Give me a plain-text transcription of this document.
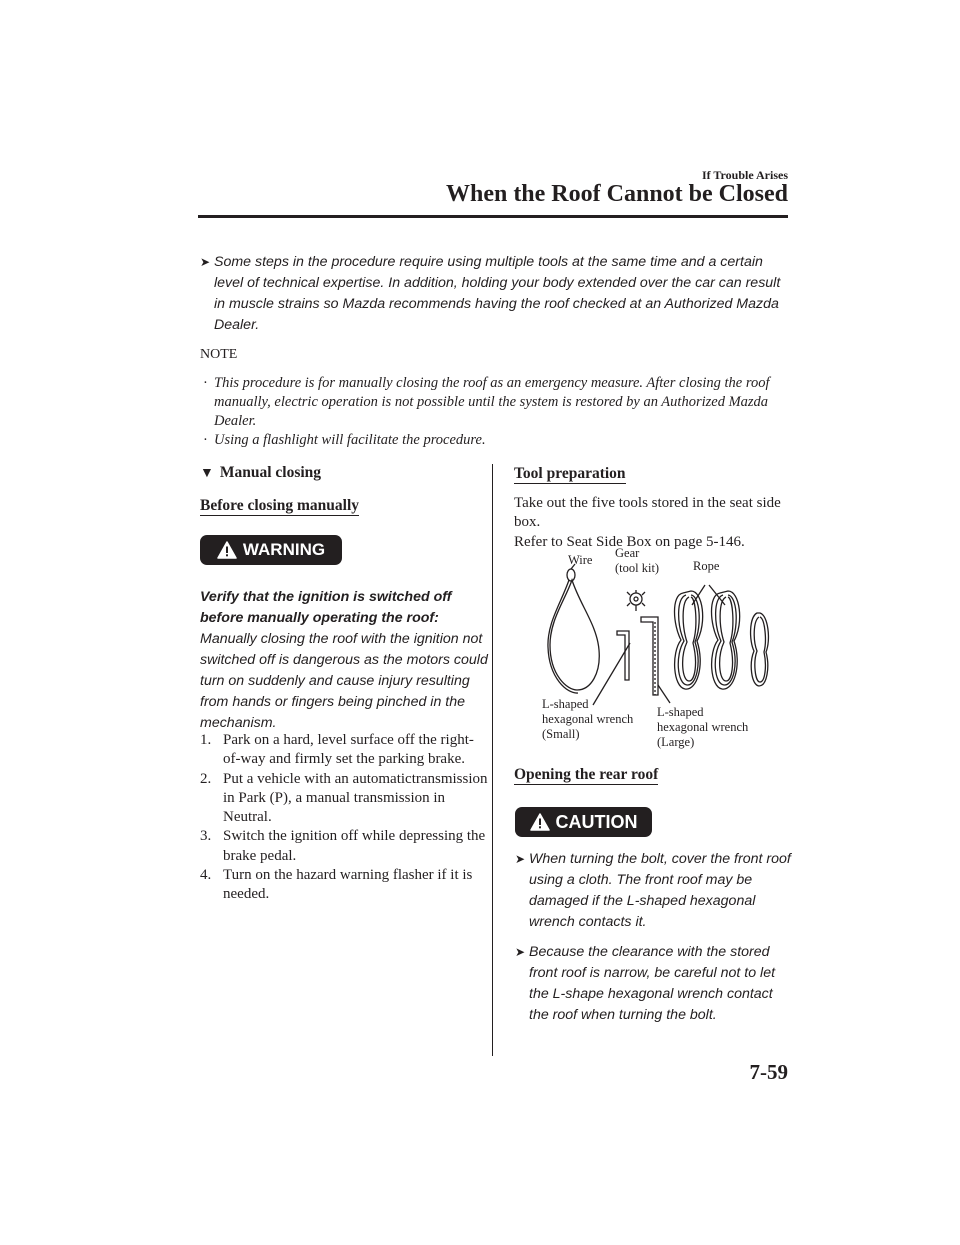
If Trouble Arises
When the Roof Cannot be Closed
➤ Some steps in the procedure require using multiple tools at the same time and a certain level of technical expertise. In addition, holding your body extended over the car can result in muscle strains so Mazda recommends having the roof checked at an Authorized Mazda Dealer.
NOTE
· This procedure is for manually closing the roof as an emergency measure. After closing the roof manually, electric operation is not possible until the system is restored by an Authorized Mazda Dealer.
· Using a flashlight will facilitate the procedure.
▼ Manual closing
Before closing manually
WARNING
Verify that the ignition is switched off before manually operating the roof:
Manually closing the roof with the ignition not switched off is dangerous as the motors could turn on suddenly and cause injury resulting from hands or fingers being pinched in the mechanism.
1. Park on a hard, level surface off the right-of-way and firmly set the parking brake.
2. Put a vehicle with an automatictransmission in Park (P), a manual transmission in Neutral.
3. Switch the ignition off while depressing the brake pedal.
4. Turn on the hazard warning flasher if it is needed.
Tool preparation
Take out the five tools stored in the seat side box.
Refer to Seat Side Box on page 5-146.
Wire Gear
(tool kit)	Rope
L-shaped
hexagonal wrench
(Small)
L-shaped
hexagonal wrench
(Large)
Opening the rear roof
CAUTION
➤ When turning the bolt, cover the front roof using a cloth. The front roof may be damaged if the L-shaped hexagonal wrench contacts it.
➤ Because the clearance with the stored front roof is narrow, be careful not to let the L-shape hexagonal wrench contact the roof when turning the bolt.
7-59
